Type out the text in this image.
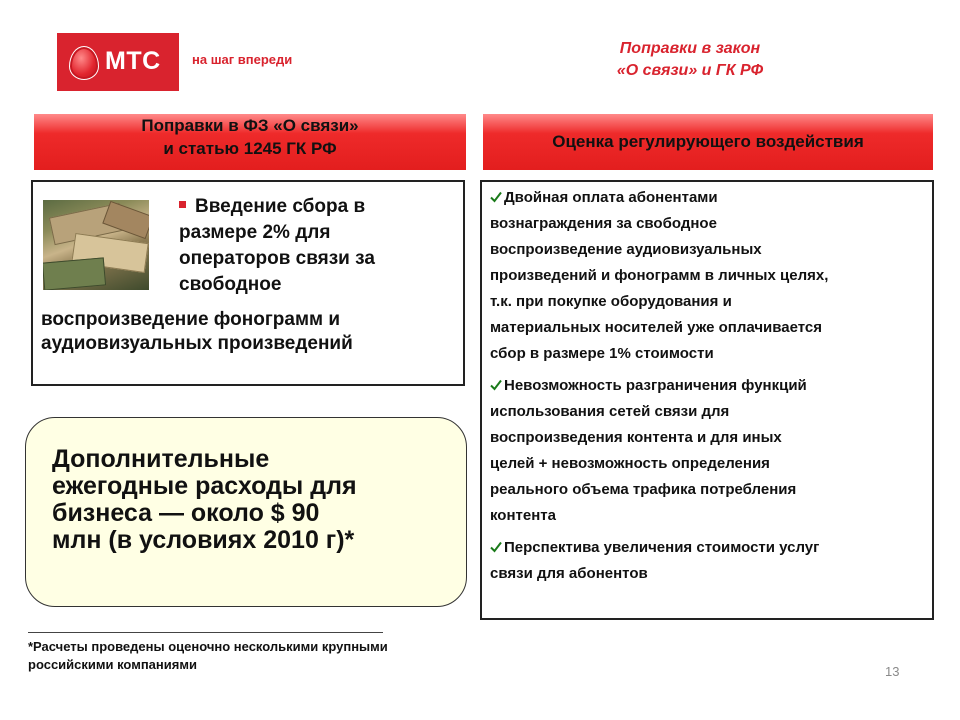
МТС на шаг впереди
Поправки в закон
«О связи» и ГК РФ
Поправки в ФЗ «О связи»
и статью 1245 ГК РФ	Оценка регулирующего воздействия
Введение сбора в
размере 2% для
операторов связи за
свободное
воспроизведение фонограмм и
аудиовизуальных произведений
Дополнительные
ежегодные расходы для
бизнеса — около $ 90
млн (в условиях 2010 г)*
*Расчеты проведены оценочно несколькими крупными
российскими компаниями
Двойная оплата абонентами
вознаграждения за свободное
воспроизведение аудиовизуальных
произведений и фонограмм в личных целях,
т.к. при покупке оборудования и
материальных носителей уже оплачивается
сбор в размере 1% стоимости
Невозможность разграничения функций
использования сетей связи для
воспроизведения контента и для иных
целей + невозможность определения
реального объема трафика потребления
контента
Перспектива увеличения стоимости услуг
связи для абонентов
13
